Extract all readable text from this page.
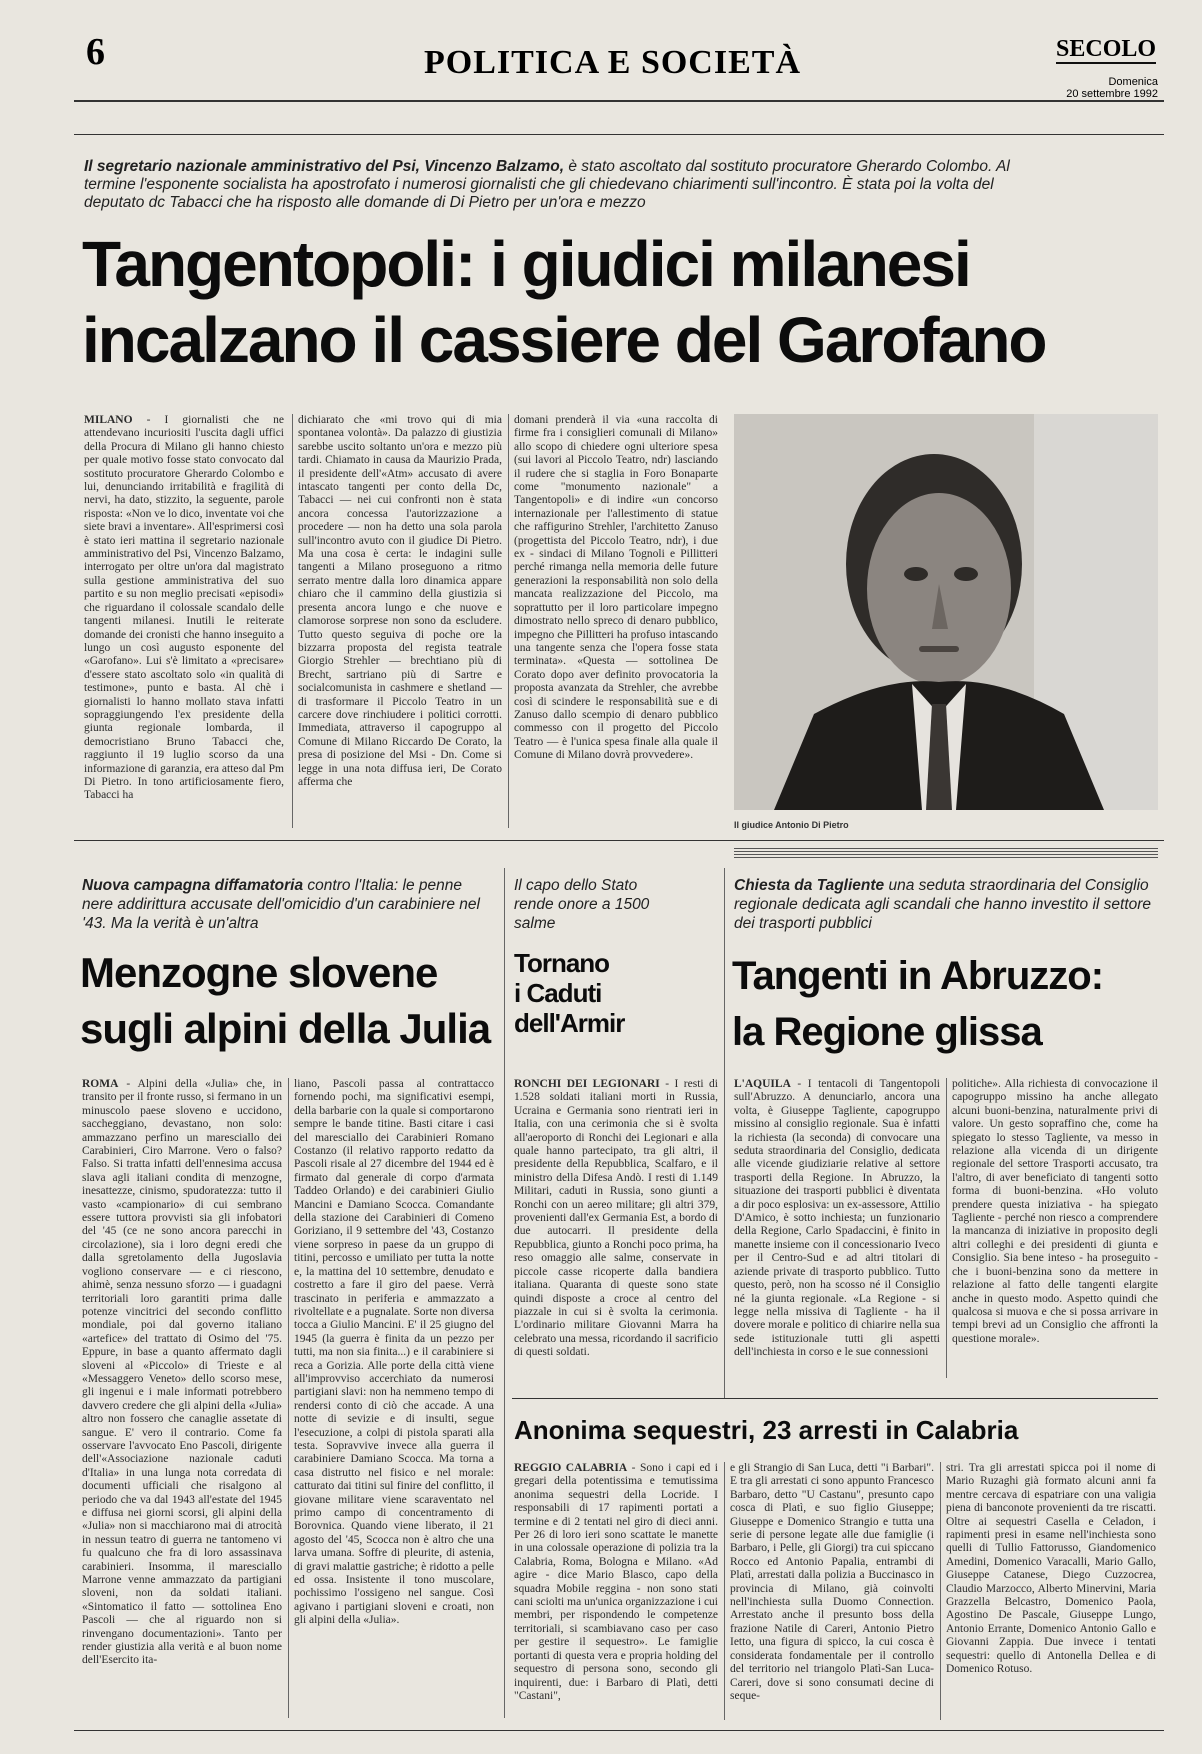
6	POLITICA E SOCIETÀ	SECOLO
Domenica
20 settembre 1992
Il segretario nazionale amministrativo del Psi, Vincenzo Balzamo, è stato ascoltato dal sostituto procuratore Gherardo Colombo. Al termine l'esponente socialista ha apostrofato i numerosi giornalisti che gli chiedevano chiarimenti sull'incontro. È stata poi la volta del deputato dc Tabacci che ha risposto alle domande di Di Pietro per un'ora e mezzo
Tangentopoli: i giudici milanesi
incalzano il cassiere del Garofano

MILANO - I giornalisti che ne attendevano incuriositi l'uscita dagli uffici della Procura di Milano gli hanno chiesto per quale motivo fosse stato convocato dal sostituto procuratore Gherardo Colombo e lui, denunciando irritabilità e fragilità di nervi, ha dato, stizzito, la seguente, parole risposta: «Non ve lo dico, inventate voi che siete bravi a inventare». All'esprimersi così è stato ieri mattina il segretario nazionale amministrativo del Psi, Vincenzo Balzamo, interrogato per oltre un'ora dal magistrato sulla gestione amministrativa del suo partito e su non meglio precisati «episodi» che riguardano il colossale scandalo delle tangenti milanesi. Inutili le reiterate domande dei cronisti che hanno inseguito a lungo un così augusto esponente del «Garofano». Lui s'è limitato a «precisare» d'essere stato ascoltato solo «in qualità di testimone», punto e basta. Al chè i giornalisti lo hanno mollato stava infatti sopraggiungendo l'ex presidente della giunta regionale lombarda, il democristiano Bruno Tabacci che, raggiunto il 19 luglio scorso da una informazione di garanzia, era atteso dal Pm Di Pietro. In tono artificiosamente fiero, Tabacci ha

dichiarato che «mi trovo qui di mia spontanea volontà». Da palazzo di giustizia sarebbe uscito soltanto un'ora e mezzo più tardi. Chiamato in causa da Maurizio Prada, il presidente dell'«Atm» accusato di avere intascato tangenti per conto della Dc, Tabacci — nei cui confronti non è stata ancora concessa l'autorizzazione a procedere — non ha detto una sola parola sull'incontro avuto con il giudice Di Pietro. Ma una cosa è certa: le indagini sulle tangenti a Milano proseguono a ritmo serrato mentre dalla loro dinamica appare chiaro che il cammino della giustizia si presenta ancora lungo e che nuove e clamorose sorprese non sono da escludere. Tutto questo seguiva di poche ore la bizzarra proposta del regista teatrale Giorgio Strehler — brechtiano più di Brecht, sartriano più di Sartre e socialcomunista in cashmere e shetland — di trasformare il Piccolo Teatro in un carcere dove rinchiudere i politici corrotti. Immediata, attraverso il capogruppo al Comune di Milano Riccardo De Corato, la presa di posizione del Msi - Dn. Come si legge in una nota diffusa ieri, De Corato afferma che

domani prenderà il via «una raccolta di firme fra i consiglieri comunali di Milano» allo scopo di chiedere ogni ulteriore spesa (sui lavori al Piccolo Teatro, ndr) lasciando il rudere che si staglia in Foro Bonaparte come "monumento nazionale" a Tangentopoli» e di indire «un concorso internazionale per l'allestimento di statue che raffigurino Strehler, l'architetto Zanuso (progettista del Piccolo Teatro, ndr), i due ex - sindaci di Milano Tognoli e Pillitteri perché rimanga nella memoria delle future generazioni la responsabilità non solo della mancata realizzazione del Piccolo, ma soprattutto per il loro particolare impegno dimostrato nello spreco di denaro pubblico, impegno che Pillitteri ha profuso intascando una tangente senza che l'opera fosse stata terminata». «Questa — sottolinea De Corato dopo aver definito provocatoria la proposta avanzata da Strehler, che avrebbe così di scindere le responsabilità sue e di Zanuso dallo scempio di denaro pubblico commesso con il progetto del Piccolo Teatro — è l'unica spesa finale alla quale il Comune di Milano dovrà provvedere».

Il giudice Antonio Di Pietro
Nuova campagna diffamatoria contro l'Italia: le penne nere addirittura accusate dell'omicidio d'un carabiniere nel '43. Ma la verità è un'altra
Menzogne slovene
sugli alpini della Julia

ROMA - Alpini della «Julia» che, in transito per il fronte russo, si fermano in un minuscolo paese sloveno e uccidono, saccheggiano, devastano, non solo: ammazzano perfino un maresciallo dei Carabinieri, Ciro Marrone. Vero o falso? Falso. Si tratta infatti dell'ennesima accusa slava agli italiani condita di menzogne, inesattezze, cinismo, spudoratezza: tutto il vasto «campionario» di cui sembrano essere tuttora provvisti sia gli infobatori del '45 (ce ne sono ancora parecchi in circolazione), sia i loro degni eredi che dalla sgretolamento della Jugoslavia vogliono conservare — e ci riescono, ahimè, senza nessuno sforzo — i guadagni territoriali loro garantiti prima dalle potenze vincitrici del secondo conflitto mondiale, poi dal governo italiano «artefice» del trattato di Osimo del '75. Eppure, in base a quanto affermato dagli sloveni al «Piccolo» di Trieste e al «Messaggero Veneto» dello scorso mese, gli ingenui e i male informati potrebbero davvero credere che gli alpini della «Julia» altro non fossero che canaglie assetate di sangue. E' vero il contrario. Come fa osservare l'avvocato Eno Pascoli, dirigente dell'«Associazione nazionale caduti d'Italia» in una lunga nota corredata di documenti ufficiali che risalgono al periodo che va dal 1943 all'estate del 1945 e diffusa nei giorni scorsi, gli alpini della «Julia» non si macchiarono mai di atrocità in nessun teatro di guerra ne tantomeno vi fu qualcuno che fra di loro assassinava carabinieri. Insomma, il maresciallo Marrone venne ammazzato da partigiani sloveni, non da soldati italiani. «Sintomatico il fatto — sottolinea Eno Pascoli — che al riguardo non si rinvengano documentazioni». Tanto per render giustizia alla verità e al buon nome dell'Esercito ita-

liano, Pascoli passa al contrattacco fornendo pochi, ma significativi esempi, della barbarie con la quale si comportarono sempre le bande titine. Basti citare i casi del maresciallo dei Carabinieri Romano Costanzo (il relativo rapporto redatto da Pascoli risale al 27 dicembre del 1944 ed è firmato dal generale di corpo d'armata Taddeo Orlando) e dei carabinieri Giulio Mancini e Damiano Scocca. Comandante della stazione dei Carabinieri di Comeno Goriziano, il 9 settembre del '43, Costanzo viene sorpreso in paese da un gruppo di titini, percosso e umiliato per tutta la notte e, la mattina del 10 settembre, denudato e costretto a fare il giro del paese. Verrà trascinato in periferia e ammazzato a rivoltellate e a pugnalate. Sorte non diversa tocca a Giulio Mancini. E' il 25 giugno del 1945 (la guerra è finita da un pezzo per tutti, ma non sia finita...) e il carabiniere si reca a Gorizia. Alle porte della città viene all'improvviso accerchiato da numerosi partigiani slavi: non ha nemmeno tempo di rendersi conto di ciò che accade. A una notte di sevizie e di insulti, segue l'esecuzione, a colpi di pistola sparati alla testa. Sopravvive invece alla guerra il carabiniere Damiano Scocca. Ma torna a casa distrutto nel fisico e nel morale: catturato dai titini sul finire del conflitto, il giovane militare viene scaraventato nel primo campo di concentramento di Borovnica. Quando viene liberato, il 21 agosto del '45, Scocca non è altro che una larva umana. Soffre di pleurite, di astenia, di gravi malattie gastriche; è ridotto a pelle ed ossa. Insistente il tono muscolare, pochissimo l'ossigeno nel sangue. Così agivano i partigiani sloveni e croati, non gli alpini della «Julia».

Il capo dello Stato rende onore a 1500 salme
Tornano
i Caduti
dell'Armir

RONCHI DEI LEGIONARI - I resti di 1.528 soldati italiani morti in Russia, Ucraina e Germania sono rientrati ieri in Italia, con una cerimonia che si è svolta all'aeroporto di Ronchi dei Legionari e alla quale hanno partecipato, tra gli altri, il presidente della Repubblica, Scalfaro, e il ministro della Difesa Andò. I resti di 1.149 Militari, caduti in Russia, sono giunti a Ronchi con un aereo militare; gli altri 379, provenienti dall'ex Germania Est, a bordo di due autocarri. Il presidente della Repubblica, giunto a Ronchi poco prima, ha reso omaggio alle salme, conservate in piccole casse ricoperte dalla bandiera italiana. Quaranta di queste sono state quindi disposte a croce al centro del piazzale in cui si è svolta la cerimonia. L'ordinario militare Giovanni Marra ha celebrato una messa, ricordando il sacrificio di questi soldati.

Chiesta da Tagliente una seduta straordinaria del Consiglio regionale dedicata agli scandali che hanno investito il settore dei trasporti pubblici
Tangenti in Abruzzo:
la Regione glissa

L'AQUILA - I tentacoli di Tangentopoli sull'Abruzzo. A denunciarlo, ancora una volta, è Giuseppe Tagliente, capogruppo missino al consiglio regionale. Sua è infatti la richiesta (la seconda) di convocare una seduta straordinaria del Consiglio, dedicata alle vicende giudiziarie relative al settore trasporti della Regione. In Abruzzo, la situazione dei trasporti pubblici è diventata a dir poco esplosiva: un ex-assessore, Attilio D'Amico, è sotto inchiesta; un funzionario della Regione, Carlo Spadaccini, è finito in manette insieme con il concessionario Iveco per il Centro-Sud e ad altri titolari di aziende private di trasporto pubblico. Tutto questo, però, non ha scosso né il Consiglio né la giunta regionale. «La Regione - si legge nella missiva di Tagliente - ha il dovere morale e politico di chiarire nella sua sede istituzionale tutti gli aspetti dell'inchiesta in corso e le sue connessioni

politiche». Alla richiesta di convocazione il capogruppo missino ha anche allegato alcuni buoni-benzina, naturalmente privi di valore. Un gesto sopraffino che, come ha spiegato lo stesso Tagliente, va messo in relazione alla vicenda di un dirigente regionale del settore Trasporti accusato, tra l'altro, di aver beneficiato di tangenti sotto forma di buoni-benzina. «Ho voluto prendere questa iniziativa - ha spiegato Tagliente - perché non riesco a comprendere la mancanza di iniziative in proposito degli altri colleghi e dei presidenti di giunta e Consiglio. Sia bene inteso - ha proseguito - che i buoni-benzina sono da mettere in relazione al fatto delle tangenti elargite anche in questo modo. Aspetto quindi che qualcosa si muova e che si possa arrivare in tempi brevi ad un Consiglio che affronti la questione morale».

Anonima sequestri, 23 arresti in Calabria

REGGIO CALABRIA - Sono i capi ed i gregari della potentissima e temutissima anonima sequestri della Locride. I responsabili di 17 rapimenti portati a termine e di 2 tentati nel giro di dieci anni. Per 26 di loro ieri sono scattate le manette in una colossale operazione di polizia tra la Calabria, Roma, Bologna e Milano. «Ad agire - dice Mario Blasco, capo della squadra Mobile reggina - non sono stati cani sciolti ma un'unica organizzazione i cui membri, per rispondendo le competenze territoriali, si scambiavano caso per caso per gestire il sequestro». Le famiglie portanti di questa vera e propria holding del sequestro di persona sono, secondo gli inquirenti, due: i Barbaro di Platì, detti "Castani",

e gli Strangio di San Luca, detti "i Barbari". E tra gli arrestati ci sono appunto Francesco Barbaro, detto "U Castanu", presunto capo cosca di Platì, e suo figlio Giuseppe; Giuseppe e Domenico Strangio e tutta una serie di persone legate alle due famiglie (i Barbaro, i Pelle, gli Giorgi) tra cui spiccano Rocco ed Antonio Papalia, entrambi di Platì, arrestati dalla polizia a Buccinasco in provincia di Milano, già coinvolti nell'inchiesta sulla Duomo Connection. Arrestato anche il presunto boss della frazione Natile di Careri, Antonio Pietro Ietto, una figura di spicco, la cui cosca è considerata fondamentale per il controllo del territorio nel triangolo Platì-San Luca-Careri, dove si sono consumati decine di seque-

stri. Tra gli arrestati spicca poi il nome di Mario Ruzaghi già formato alcuni anni fa mentre cercava di espatriare con una valigia piena di banconote provenienti da tre riscatti. Oltre ai sequestri Casella e Celadon, i rapimenti presi in esame nell'inchiesta sono quelli di Tullio Fattorusso, Giandomenico Amedini, Domenico Varacalli, Mario Gallo, Giuseppe Catanese, Diego Cuzzocrea, Claudio Marzocco, Alberto Minervini, Maria Grazzella Belcastro, Domenico Paola, Agostino De Pascale, Giuseppe Lungo, Antonio Errante, Domenico Antonio Gallo e Giovanni Zappia. Due invece i tentati sequestri: quello di Antonella Dellea e di Domenico Rotuso.
